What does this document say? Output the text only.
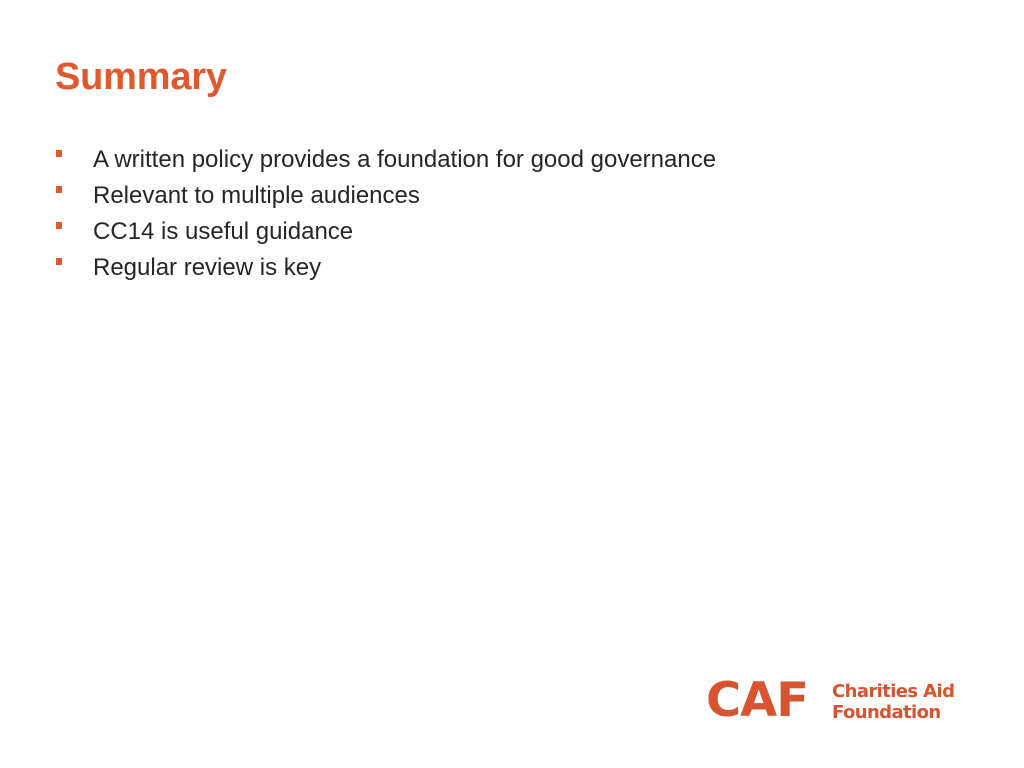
Summary
A written policy provides a foundation for good governance
Relevant to multiple audiences
CC14 is useful guidance
Regular review is key
CAF Charities Aid
Foundation
